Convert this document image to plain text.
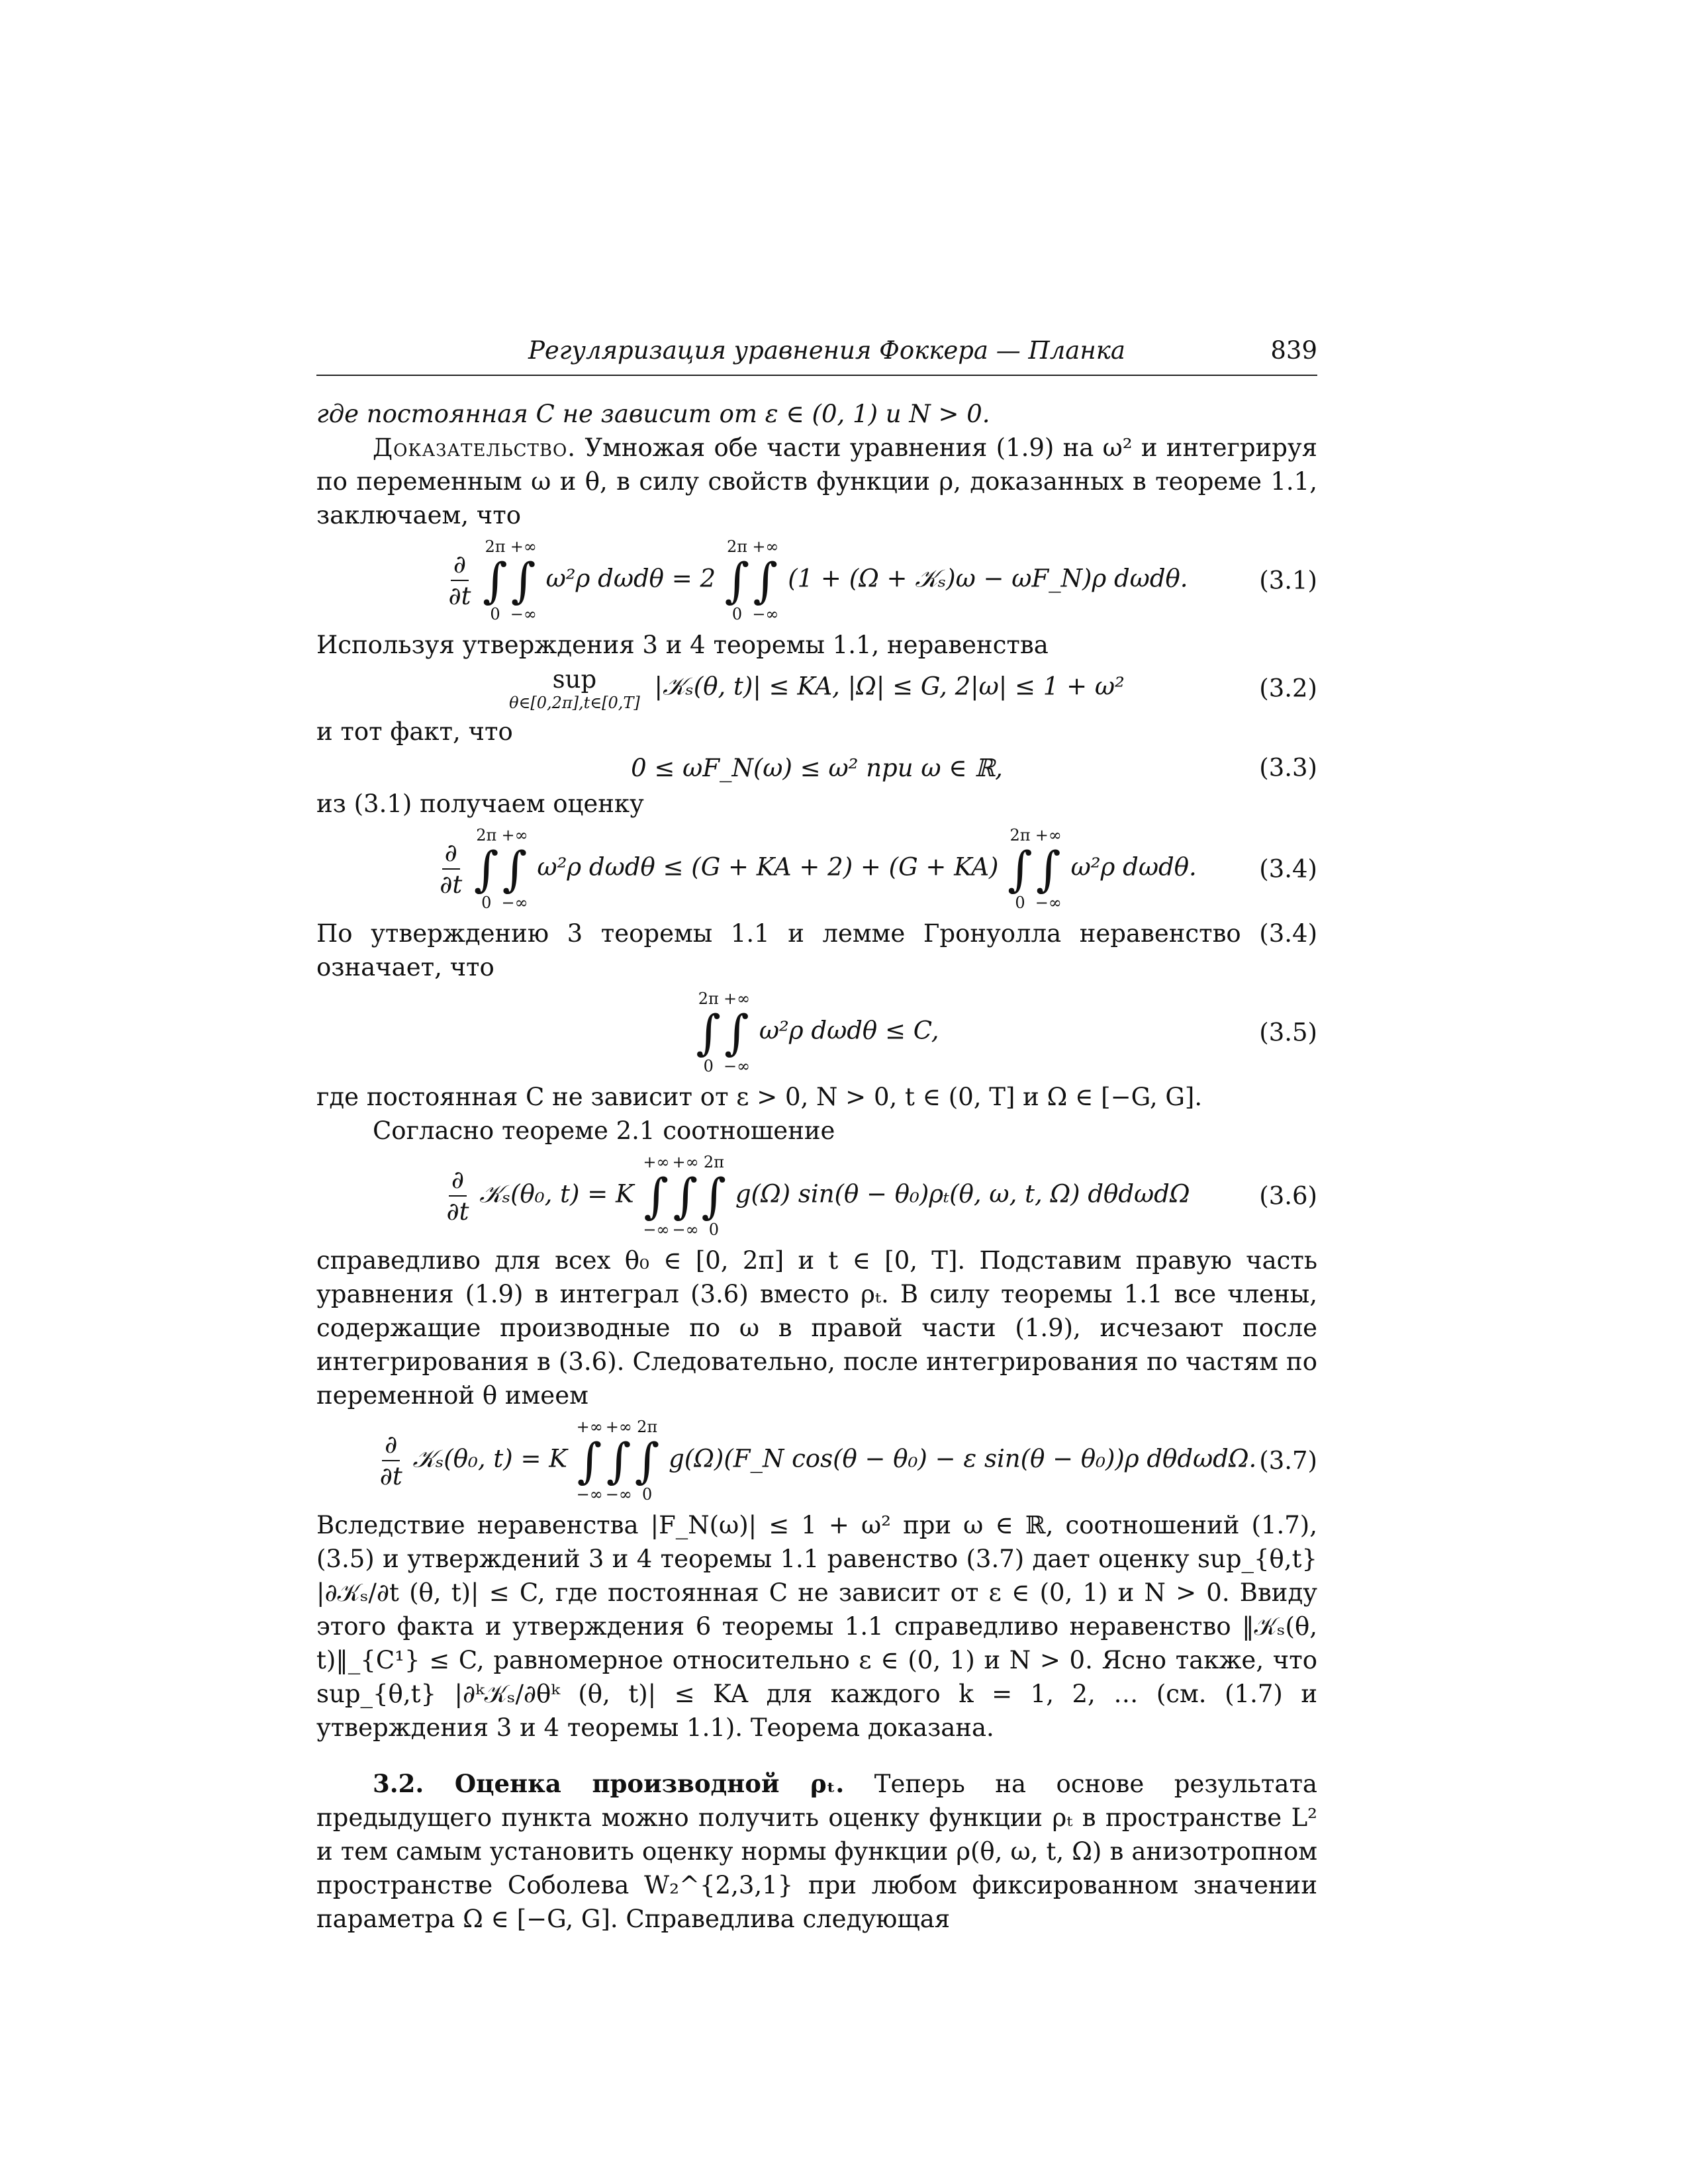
Регуляризация уравнения Фоккера — Планка	839

где постоянная C не зависит от ε ∈ (0, 1) и N > 0.

Доказательство. Умножая обе части уравнения (1.9) на ω² и интегрируя по переменным ω и θ, в силу свойств функции ρ, доказанных в теореме 1.1, заключаем, что

$\frac{\partial}{\partial t}$

2π
∫
0
+∞
∫
−∞
ω²ρ dωdθ = 2
2π
∫
0
+∞
∫
−∞
(1 + (Ω + 𝒦ₛ)ω − ωF_N)ρ dωdθ.	(3.1)

Используя утверждения 3 и 4 теоремы 1.1, неравенства

sup
θ∈[0,2π],t∈[0,T]
|𝒦ₛ(θ, t)| ≤ KA, |Ω| ≤ G, 2|ω| ≤ 1 + ω²	(3.2)

и тот факт, что

0 ≤ ωF_N(ω) ≤ ω² при ω ∈ ℝ,	(3.3)

из (3.1) получаем оценку

$\frac{\partial}{\partial t}$

2π
∫
0
+∞
∫
−∞
ω²ρ dωdθ ≤ (G + KA + 2) + (G + KA)
2π
∫
0
+∞
∫
−∞
ω²ρ dωdθ.	(3.4)

По утверждению 3 теоремы 1.1 и лемме Гронуолла неравенство (3.4) означает, что

2π
∫
0
+∞
∫
−∞
ω²ρ dωdθ ≤ C,	(3.5)

где постоянная C не зависит от ε > 0, N > 0, t ∈ (0, T] и Ω ∈ [−G, G].

Согласно теореме 2.1 соотношение

$\frac{\partial}{\partial t}$ 𝒦ₛ(θ₀, t) = K
+∞
∫
−∞
+∞
∫
−∞
2π
∫
0
g(Ω) sin(θ − θ₀)ρₜ(θ, ω, t, Ω) dθdωdΩ	(3.6)

справедливо для всех θ₀ ∈ [0, 2π] и t ∈ [0, T]. Подставим правую часть уравнения (1.9) в интеграл (3.6) вместо ρₜ. В силу теоремы 1.1 все члены, содержащие производные по ω в правой части (1.9), исчезают после интегрирования в (3.6). Следовательно, после интегрирования по частям по переменной θ имеем

$\frac{\partial}{\partial t}$ 𝒦ₛ(θ₀, t) = K
+∞
∫
−∞
+∞
∫
−∞
2π
∫
0
g(Ω)(F_N cos(θ − θ₀) − ε sin(θ − θ₀))ρ dθdωdΩ. (3.7)

Вследствие неравенства |F_N(ω)| ≤ 1 + ω² при ω ∈ ℝ, соотношений (1.7), (3.5) и утверждений 3 и 4 теоремы 1.1 равенство (3.7) дает оценку sup_{θ,t} |∂𝒦ₛ/∂t (θ, t)| ≤ C, где постоянная C не зависит от ε ∈ (0, 1) и N > 0. Ввиду этого факта и утверждения 6 теоремы 1.1 справедливо неравенство ‖𝒦ₛ(θ, t)‖_{C¹} ≤ C, равномерное относительно ε ∈ (0, 1) и N > 0. Ясно также, что sup_{θ,t} |∂ᵏ𝒦ₛ/∂θᵏ (θ, t)| ≤ KA для каждого k = 1, 2, … (см. (1.7) и утверждения 3 и 4 теоремы 1.1). Теорема доказана.

3.2. Оценка производной ρₜ. Теперь на основе результата предыдущего пункта можно получить оценку функции ρₜ в пространстве L² и тем самым установить оценку нормы функции ρ(θ, ω, t, Ω) в анизотропном пространстве Соболева W₂^{2,3,1} при любом фиксированном значении параметра Ω ∈ [−G, G]. Справедлива следующая
